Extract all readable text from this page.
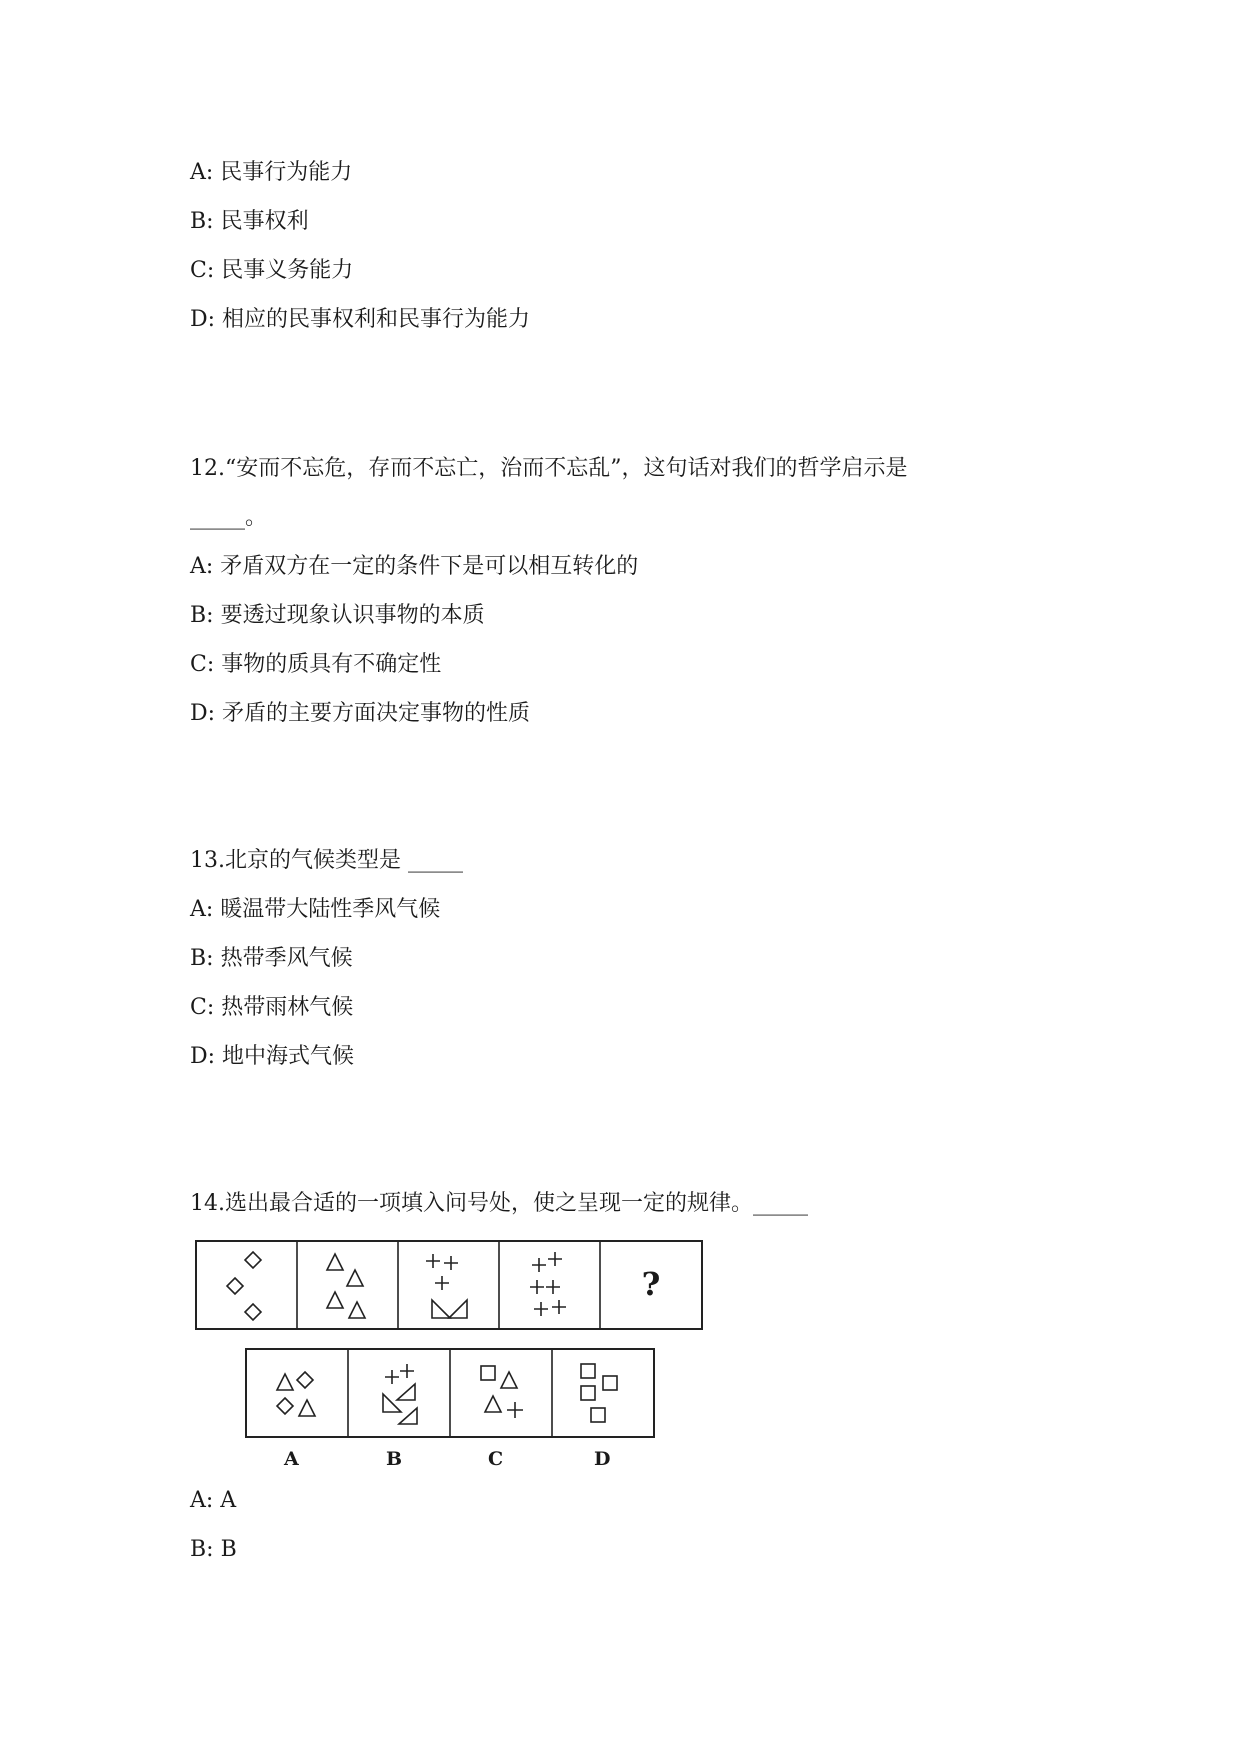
A: 民事行为能力
B: 民事权利
C: 民事义务能力
D: 相应的民事权利和民事行为能力
12.“安而不忘危，存而不忘亡，治而不忘乱”，这句话对我们的哲学启示是
_____。
A: 矛盾双方在一定的条件下是可以相互转化的
B: 要透过现象认识事物的本质
C: 事物的质具有不确定性
D: 矛盾的主要方面决定事物的性质
13.北京的气候类型是 _____
A: 暖温带大陆性季风气候
B: 热带季风气候
C: 热带雨林气候
D: 地中海式气候
14.选出最合适的一项填入问号处，使之呈现一定的规律。_____
?
A	B	C	D
A: A
B: B
